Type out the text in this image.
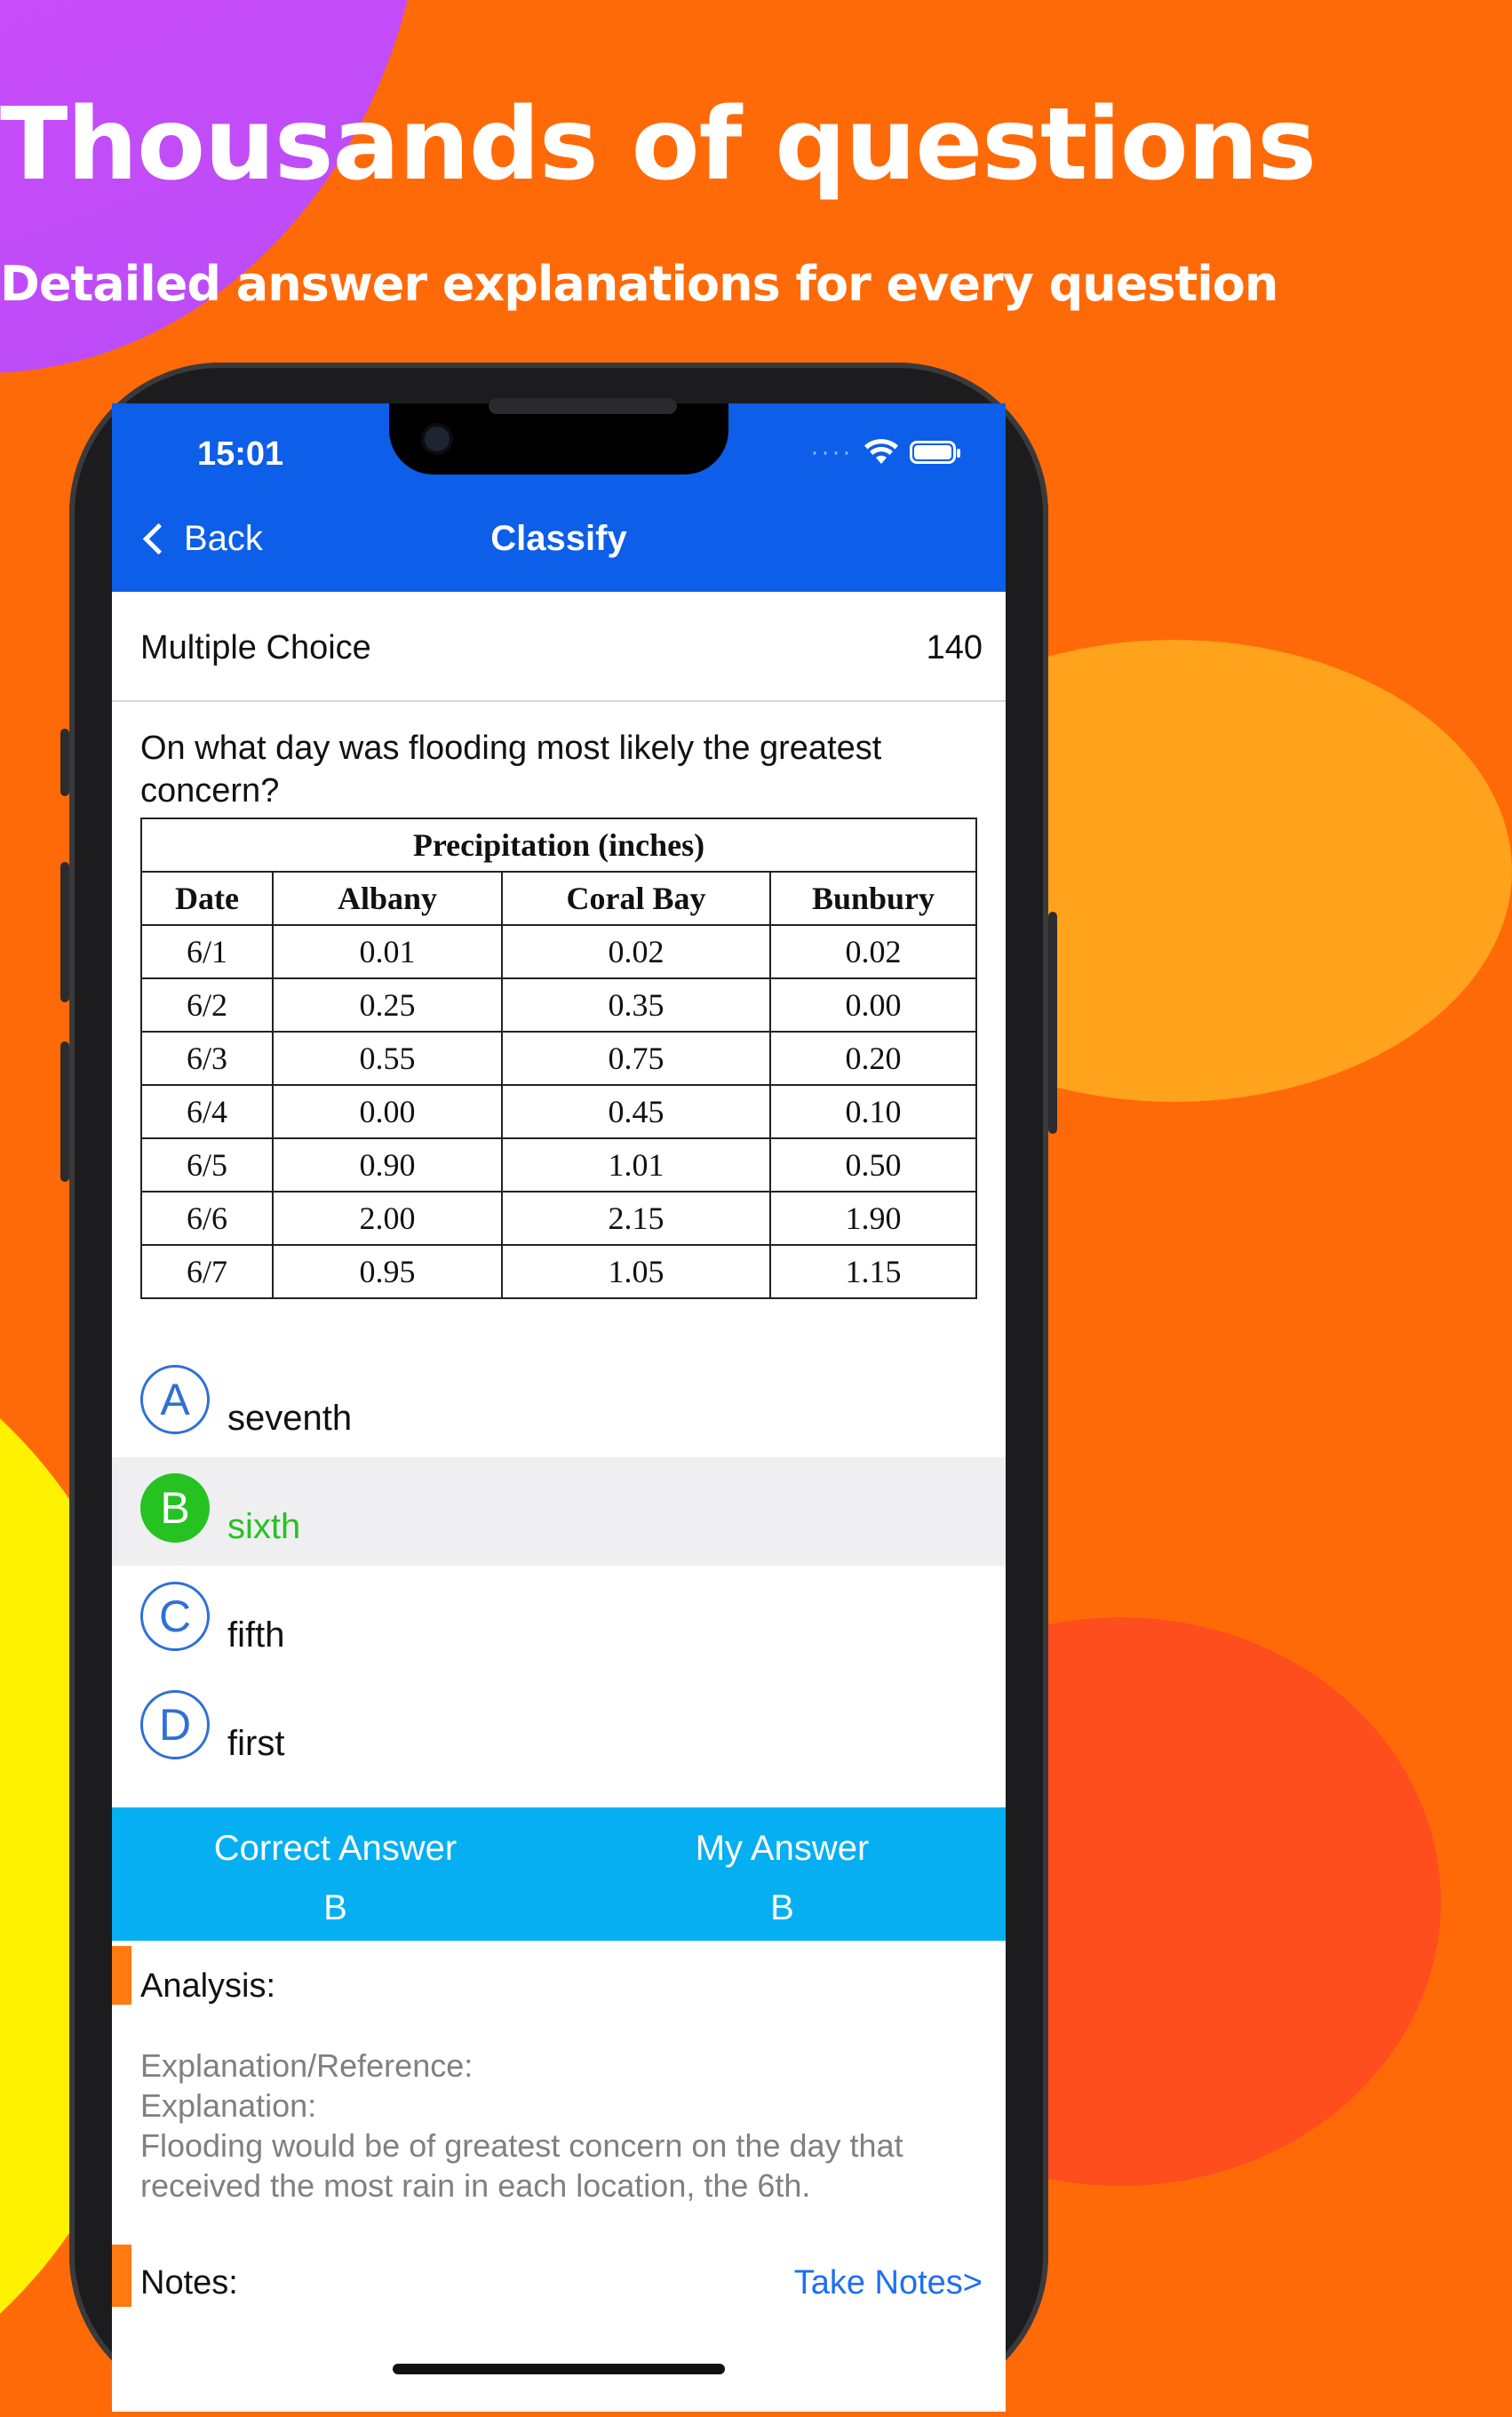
Thousands of questions
Detailed answer explanations for every question
15:01	····
Back	Classify
Multiple Choice	140
On what day was flooding most likely the greatest concern?
Precipitation (inches)			
Date	Albany	Coral Bay	Bunbury
6/1	0.01	0.02	0.02
6/2	0.25	0.35	0.00
6/3	0.55	0.75	0.20
6/4	0.00	0.45	0.10
6/5	0.90	1.01	0.50
6/6	2.00	2.15	1.90
6/7	0.95	1.05	1.15
A	seventh
B	sixth
C	fifth
D	first
Correct Answer
B
My Answer
B
Analysis:
Explanation/Reference:
Explanation:
Flooding would be of greatest concern on the day that received the most rain in each location, the 6th.
Notes:	Take Notes>
